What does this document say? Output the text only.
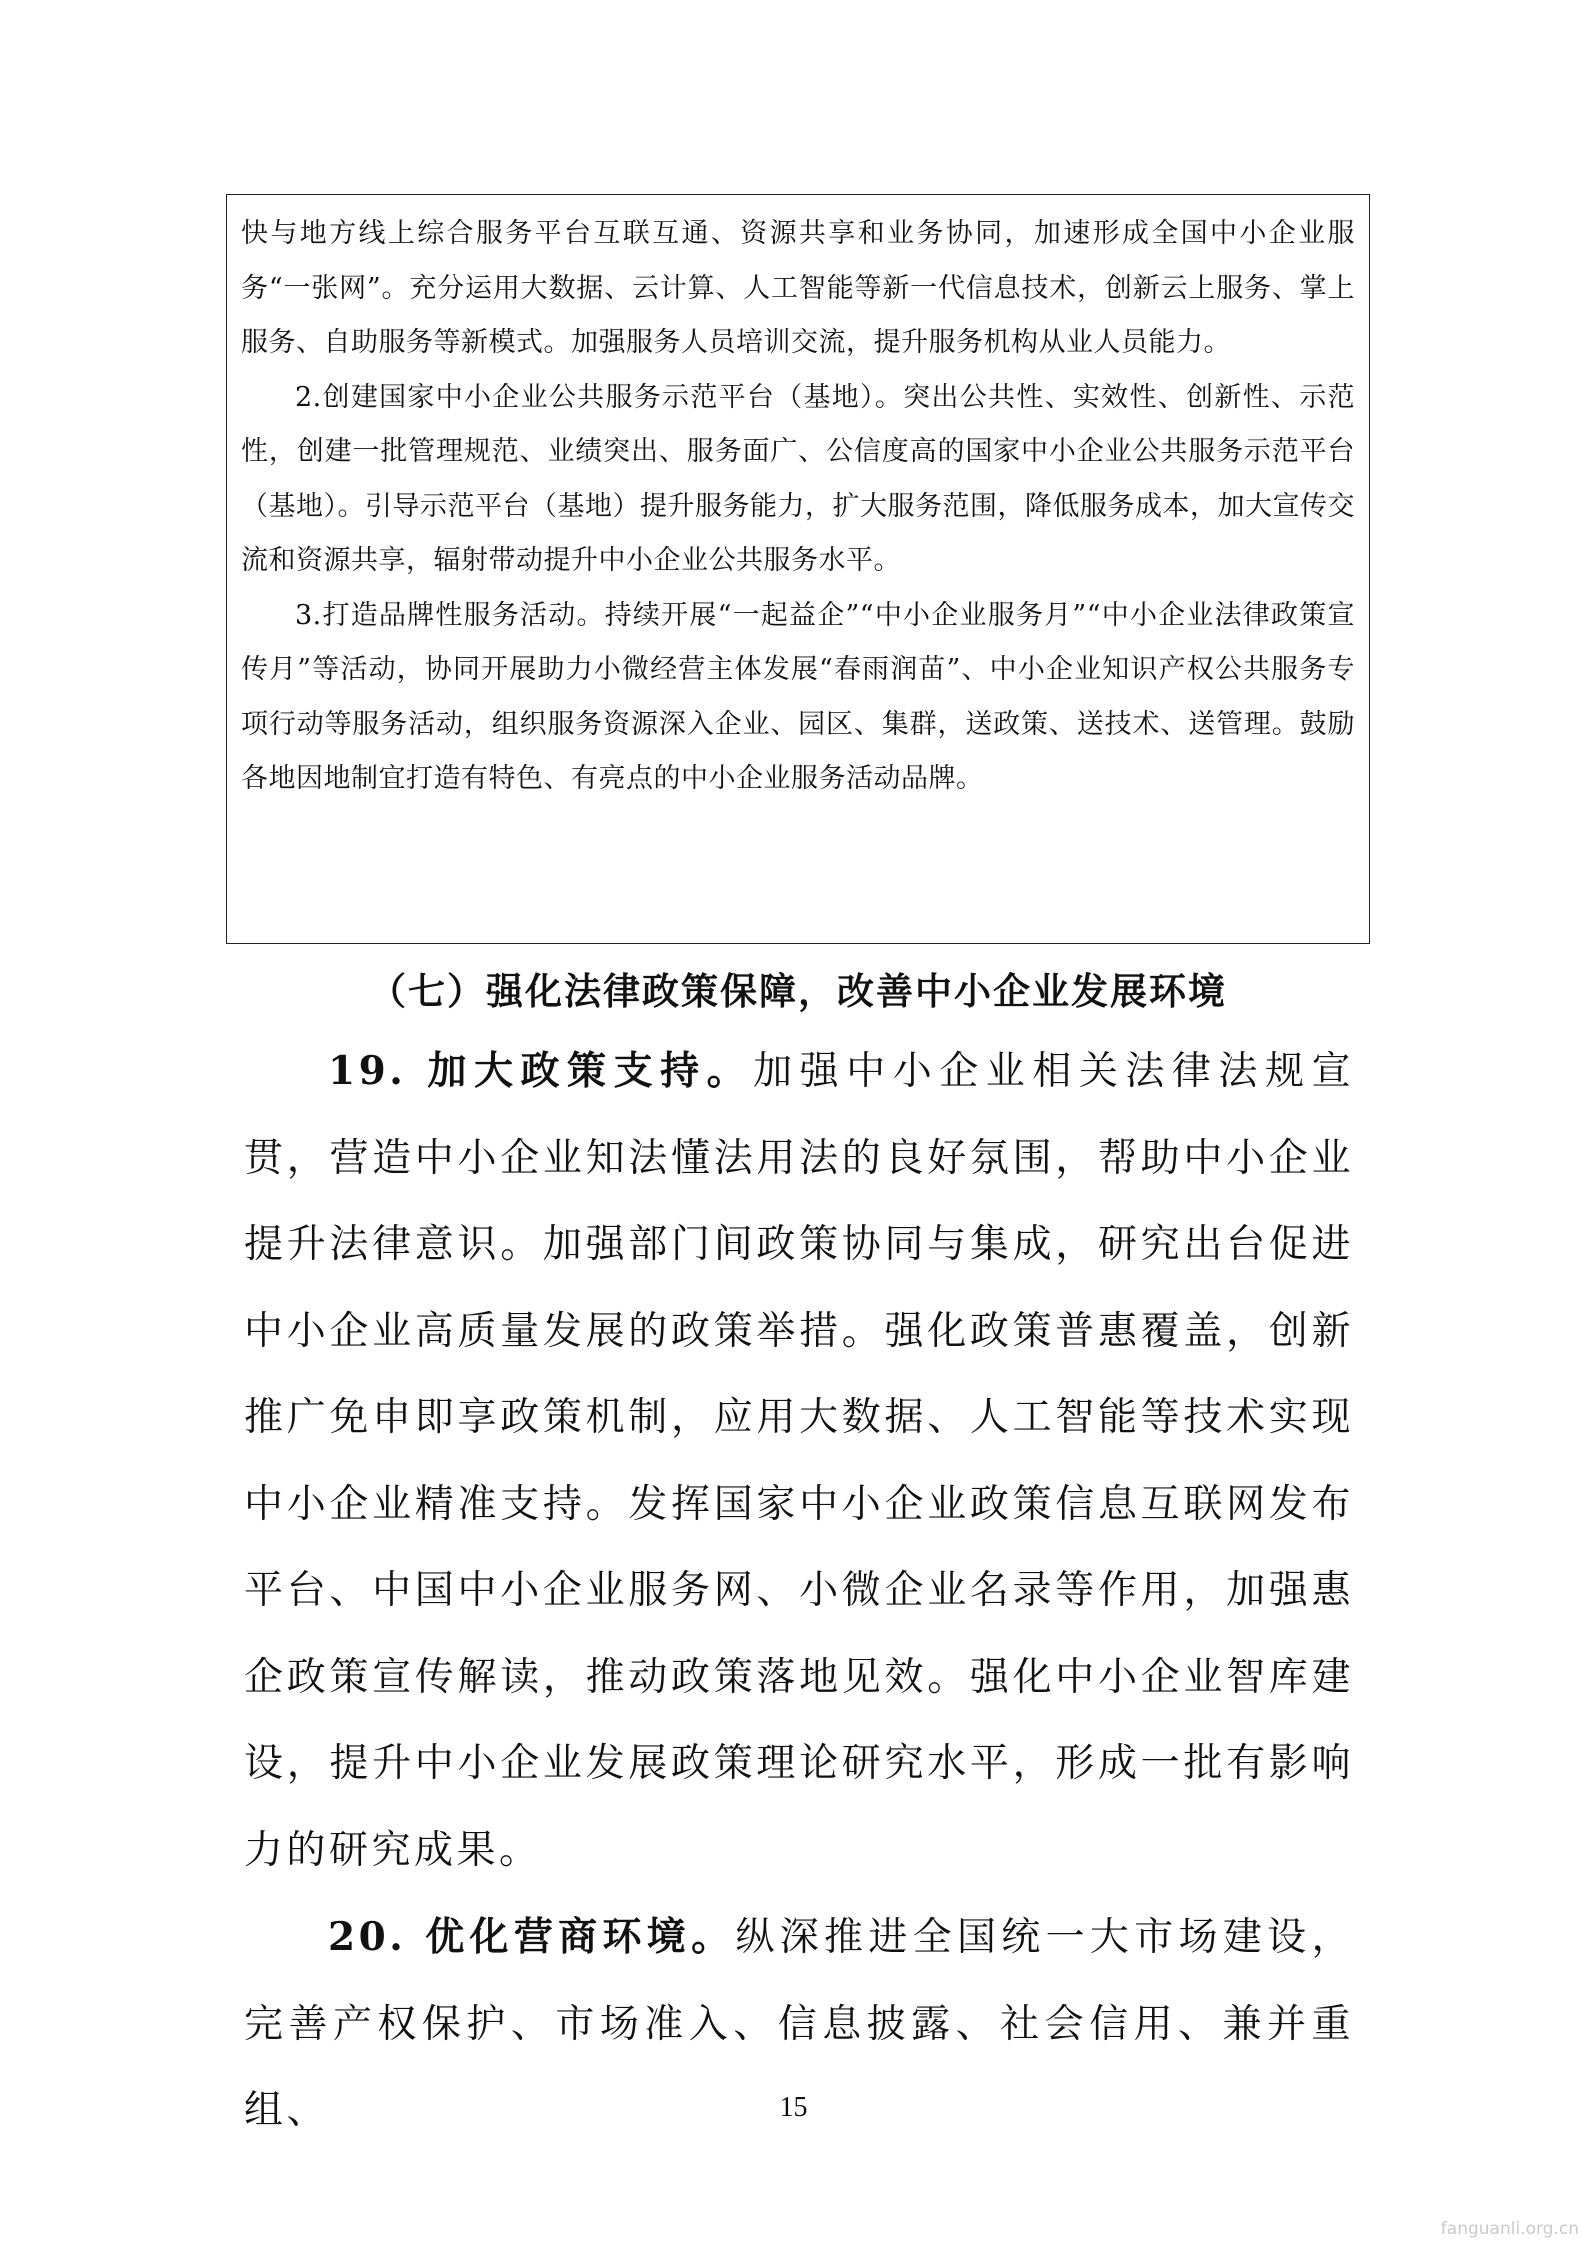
快与地方线上综合服务平台互联互通、资源共享和业务协同，加速形成全国中小企业服务“一张网”。充分运用大数据、云计算、人工智能等新一代信息技术，创新云上服务、掌上服务、自助服务等新模式。加强服务人员培训交流，提升服务机构从业人员能力。

2.创建国家中小企业公共服务示范平台（基地）。突出公共性、实效性、创新性、示范性，创建一批管理规范、业绩突出、服务面广、公信度高的国家中小企业公共服务示范平台（基地）。引导示范平台（基地）提升服务能力，扩大服务范围，降低服务成本，加大宣传交流和资源共享，辐射带动提升中小企业公共服务水平。

3.打造品牌性服务活动。持续开展“一起益企”“中小企业服务月”“中小企业法律政策宣传月”等活动，协同开展助力小微经营主体发展“春雨润苗”、中小企业知识产权公共服务专项行动等服务活动，组织服务资源深入企业、园区、集群，送政策、送技术、送管理。鼓励各地因地制宜打造有特色、有亮点的中小企业服务活动品牌。

（七）强化法律政策保障，改善中小企业发展环境

19. 加大政策支持。加强中小企业相关法律法规宣贯，营造中小企业知法懂法用法的良好氛围，帮助中小企业提升法律意识。加强部门间政策协同与集成，研究出台促进中小企业高质量发展的政策举措。强化政策普惠覆盖，创新推广免申即享政策机制，应用大数据、人工智能等技术实现中小企业精准支持。发挥国家中小企业政策信息互联网发布平台、中国中小企业服务网、小微企业名录等作用，加强惠企政策宣传解读，推动政策落地见效。强化中小企业智库建设，提升中小企业发展政策理论研究水平，形成一批有影响力的研究成果。

20. 优化营商环境。纵深推进全国统一大市场建设，完善产权保护、市场准入、信息披露、社会信用、兼并重组、	15
fanguanli.org.cn
